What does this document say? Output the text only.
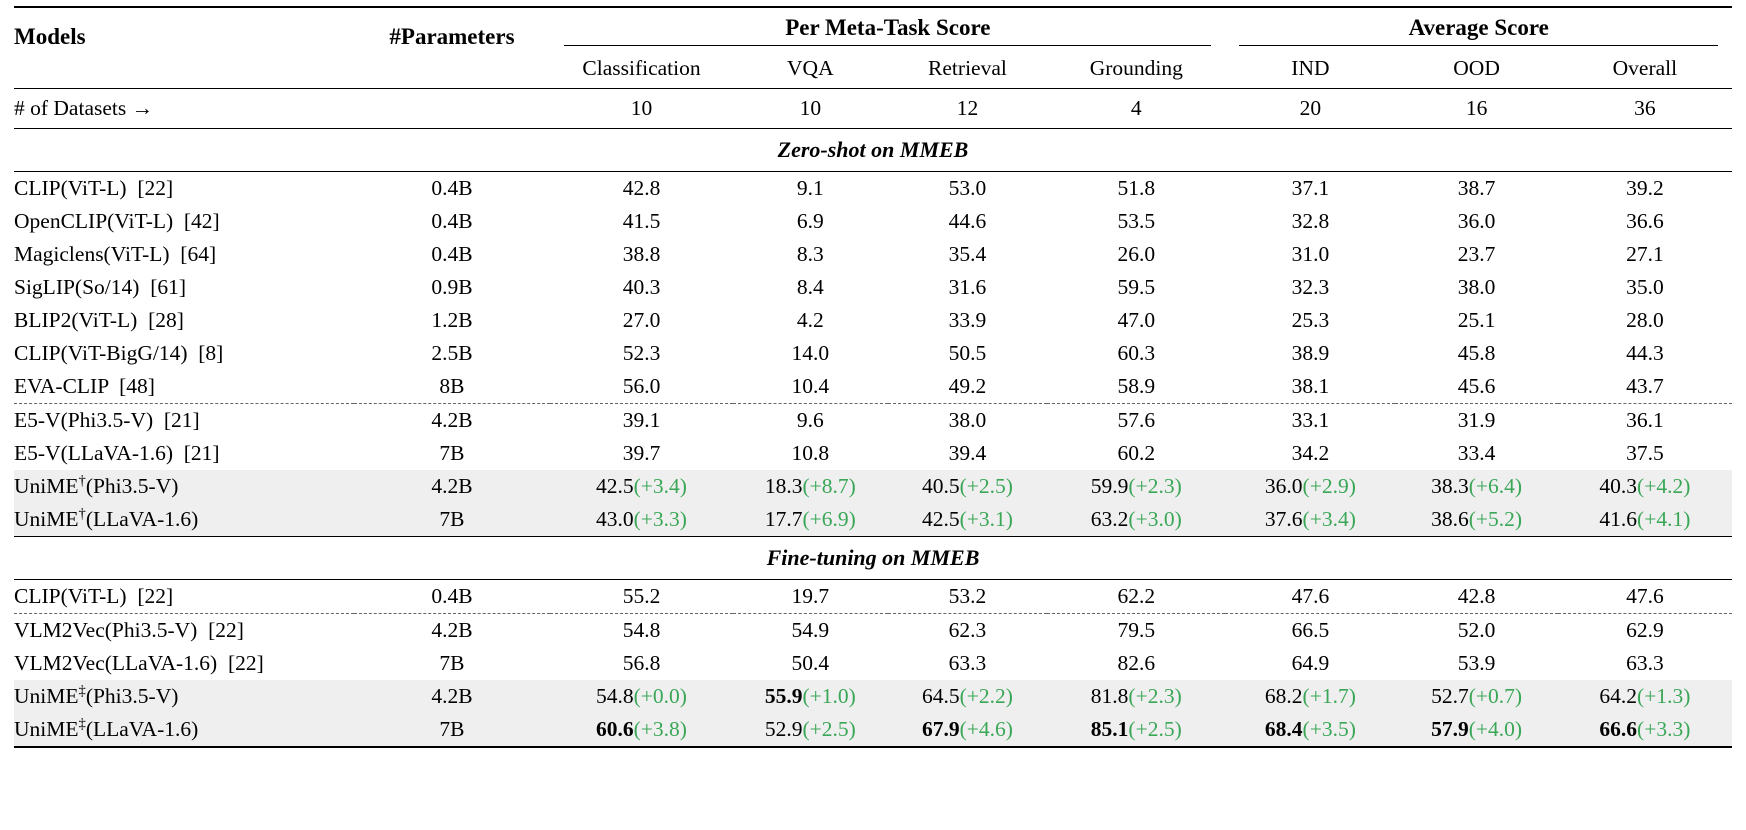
Models	#Parameters	Per Meta-Task Score				Average Score		

		Classification	VQA	Retrieval	Grounding	IND	OOD	Overall

# of Datasets →		10	10	12	4	20	16	36

Zero-shot on MMEB								

CLIP(ViT-L)  [22]	0.4B	42.8	9.1	53.0	51.8	37.1	38.7	39.2
OpenCLIP(ViT-L)  [42]	0.4B	41.5	6.9	44.6	53.5	32.8	36.0	36.6
Magiclens(ViT-L)  [64]	0.4B	38.8	8.3	35.4	26.0	31.0	23.7	27.1
SigLIP(So/14)  [61]	0.9B	40.3	8.4	31.6	59.5	32.3	38.0	35.0
BLIP2(ViT-L)  [28]	1.2B	27.0	4.2	33.9	47.0	25.3	25.1	28.0
CLIP(ViT-BigG/14)  [8]	2.5B	52.3	14.0	50.5	60.3	38.9	45.8	44.3
EVA-CLIP  [48]	8B	56.0	10.4	49.2	58.9	38.1	45.6	43.7

E5-V(Phi3.5-V)  [21]	4.2B	39.1	9.6	38.0	57.6	33.1	31.9	36.1
E5-V(LLaVA-1.6)  [21]	7B	39.7	10.8	39.4	60.2	34.2	33.4	37.5
UniME†(Phi3.5-V)	4.2B	42.5(+3.4)	18.3(+8.7)	40.5(+2.5)	59.9(+2.3)	36.0(+2.9)	38.3(+6.4)	40.3(+4.2)
UniME†(LLaVA-1.6)	7B	43.0(+3.3)	17.7(+6.9)	42.5(+3.1)	63.2(+3.0)	37.6(+3.4)	38.6(+5.2)	41.6(+4.1)

Fine-tuning on MMEB								

CLIP(ViT-L)  [22]	0.4B	55.2	19.7	53.2	62.2	47.6	42.8	47.6

VLM2Vec(Phi3.5-V)  [22]	4.2B	54.8	54.9	62.3	79.5	66.5	52.0	62.9
VLM2Vec(LLaVA-1.6)  [22]	7B	56.8	50.4	63.3	82.6	64.9	53.9	63.3
UniME‡(Phi3.5-V)	4.2B	54.8(+0.0)	55.9(+1.0)	64.5(+2.2)	81.8(+2.3)	68.2(+1.7)	52.7(+0.7)	64.2(+1.3)
UniME‡(LLaVA-1.6)	7B	60.6(+3.8)	52.9(+2.5)	67.9(+4.6)	85.1(+2.5)	68.4(+3.5)	57.9(+4.0)	66.6(+3.3)
